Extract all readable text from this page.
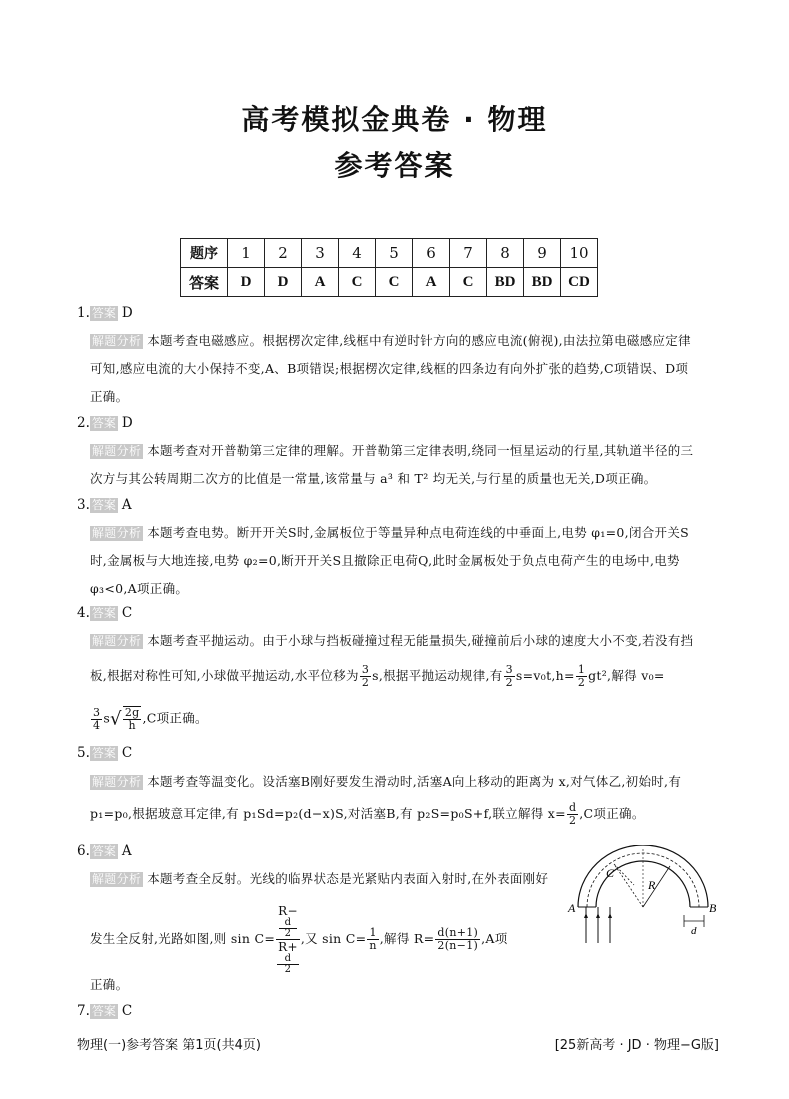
高考模拟金典卷 · 物理
参考答案
题序	1	2	3	4	5	6	7	8	9	10
答案	D	D	A	C	C	A	C	BD	BD	CD
1. 答案 D
解题分析 本题考查电磁感应。根据楞次定律,线框中有逆时针方向的感应电流(俯视),由法拉第电磁感应定律
可知,感应电流的大小保持不变,A、B项错误;根据楞次定律,线框的四条边有向外扩张的趋势,C项错误、D项
正确。
2. 答案 D
解题分析 本题考查对开普勒第三定律的理解。开普勒第三定律表明,绕同一恒星运动的行星,其轨道半径的三
次方与其公转周期二次方的比值是一常量,该常量与 a³ 和 T² 均无关,与行星的质量也无关,D项正确。
3. 答案 A
解题分析 本题考查电势。断开开关S时,金属板位于等量异种点电荷连线的中垂面上,电势 φ₁=0,闭合开关S
时,金属板与大地连接,电势 φ₂=0,断开开关S且撤除正电荷Q,此时金属板处于负点电荷产生的电场中,电势
φ₃<0,A项正确。
4. 答案 C
解题分析 本题考查平抛运动。由于小球与挡板碰撞过程无能量损失,碰撞前后小球的速度大小不变,若没有挡
板,根据对称性可知,小球做平抛运动,水平位移为 $\frac{3}{2} s$,根据平抛运动规律,有 $\frac{3}{2} s=v_0t,h= \frac{1}{2} gt^2$,解得 v₀=
$\frac{3}{4} s√ \frac{2g}{h} ,C$项正确。
5. 答案 C
解题分析 本题考查等温变化。设活塞B刚好要发生滑动时,活塞A向上移动的距离为 x,对气体乙,初始时,有
p₁=p₀,根据玻意耳定律,有 p₁Sd=p₂(d−x)S,对活塞B,有 p₂S=p₀S+f,联立解得 $x= \frac{d}{2} ,C$项正确。
6. 答案 A
解题分析 本题考查全反射。光线的临界状态是光紧贴内表面入射时,在外表面刚好
发生全反射,光路如图,则 sin C= R−
d
2
R+
d
2 ,又 $\sin C= \frac{1}{n}$ ,解得 $R= \frac{d(n+1)}{2(n-1)} ,A$项
正确。
C
R
A	B
d
7. 答案 C
物理(一)参考答案 第1页(共4页)	[25新高考 · JD · 物理−G版]
